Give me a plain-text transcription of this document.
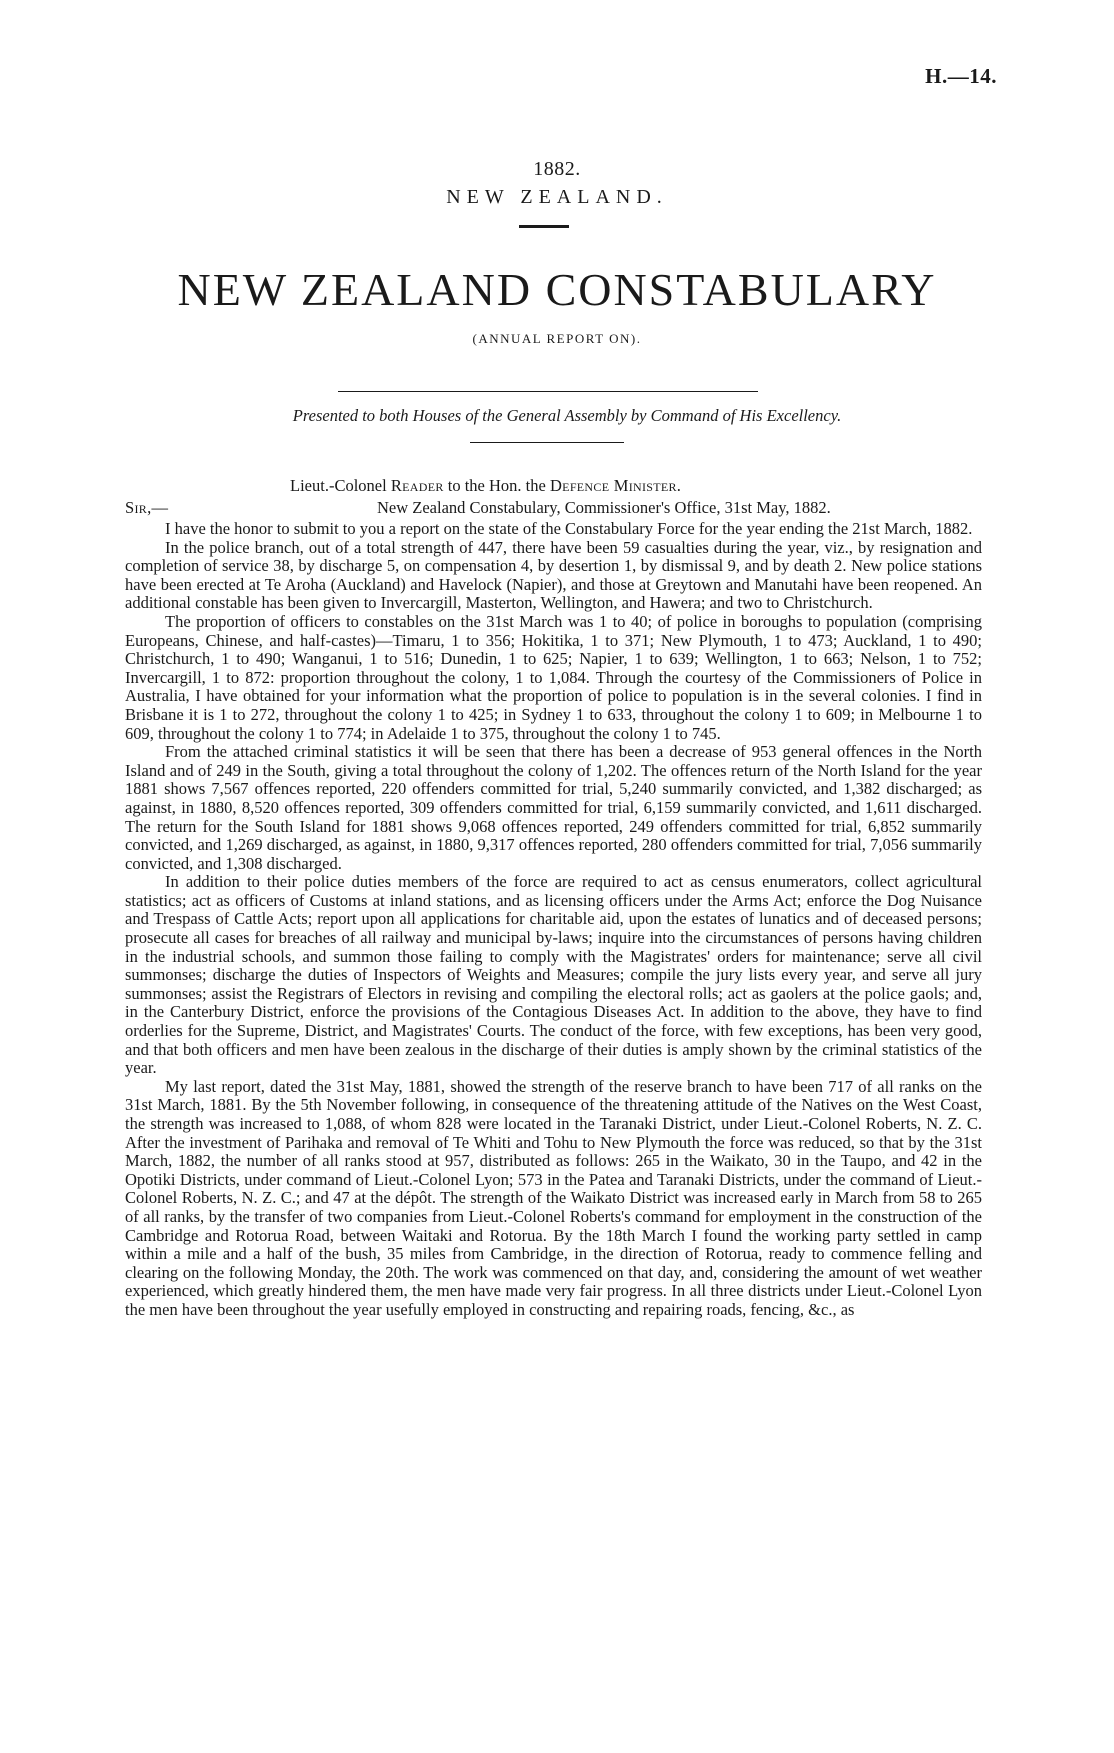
H.—14.
1882.
NEW ZEALAND.
NEW ZEALAND CONSTABULARY
(ANNUAL REPORT ON).
Presented to both Houses of the General Assembly by Command of His Excellency.
Lieut.-Colonel Reader to the Hon. the Defence Minister.
Sir,—	New Zealand Constabulary, Commissioner's Office, 31st May, 1882.

I have the honor to submit to you a report on the state of the Constabulary Force for the year ending the 21st March, 1882.

In the police branch, out of a total strength of 447, there have been 59 casualties during the year, viz., by resignation and completion of service 38, by discharge 5, on compensation 4, by desertion 1, by dismissal 9, and by death 2. New police stations have been erected at Te Aroha (Auckland) and Havelock (Napier), and those at Greytown and Manutahi have been reopened. An additional constable has been given to Invercargill, Masterton, Wellington, and Hawera; and two to Christchurch.

The proportion of officers to constables on the 31st March was 1 to 40; of police in boroughs to population (comprising Europeans, Chinese, and half-castes)—Timaru, 1 to 356; Hokitika, 1 to 371; New Plymouth, 1 to 473; Auckland, 1 to 490; Christchurch, 1 to 490; Wanganui, 1 to 516; Dunedin, 1 to 625; Napier, 1 to 639; Wellington, 1 to 663; Nelson, 1 to 752; Invercargill, 1 to 872: proportion throughout the colony, 1 to 1,084. Through the courtesy of the Commissioners of Police in Australia, I have obtained for your information what the proportion of police to population is in the several colonies. I find in Brisbane it is 1 to 272, throughout the colony 1 to 425; in Sydney 1 to 633, throughout the colony 1 to 609; in Melbourne 1 to 609, throughout the colony 1 to 774; in Adelaide 1 to 375, throughout the colony 1 to 745.

From the attached criminal statistics it will be seen that there has been a decrease of 953 general offences in the North Island and of 249 in the South, giving a total throughout the colony of 1,202. The offences return of the North Island for the year 1881 shows 7,567 offences reported, 220 offenders committed for trial, 5,240 summarily convicted, and 1,382 discharged; as against, in 1880, 8,520 offences reported, 309 offenders committed for trial, 6,159 summarily convicted, and 1,611 discharged. The return for the South Island for 1881 shows 9,068 offences reported, 249 offenders committed for trial, 6,852 summarily convicted, and 1,269 discharged, as against, in 1880, 9,317 offences reported, 280 offenders committed for trial, 7,056 summarily convicted, and 1,308 discharged.

In addition to their police duties members of the force are required to act as census enumerators, collect agricultural statistics; act as officers of Customs at inland stations, and as licensing officers under the Arms Act; enforce the Dog Nuisance and Trespass of Cattle Acts; report upon all applications for charitable aid, upon the estates of lunatics and of deceased persons; prosecute all cases for breaches of all railway and municipal by-laws; inquire into the circumstances of persons having children in the industrial schools, and summon those failing to comply with the Magistrates' orders for maintenance; serve all civil summonses; discharge the duties of Inspectors of Weights and Measures; compile the jury lists every year, and serve all jury summonses; assist the Registrars of Electors in revising and compiling the electoral rolls; act as gaolers at the police gaols; and, in the Canterbury District, enforce the provisions of the Contagious Diseases Act. In addition to the above, they have to find orderlies for the Supreme, District, and Magistrates' Courts. The conduct of the force, with few exceptions, has been very good, and that both officers and men have been zealous in the discharge of their duties is amply shown by the criminal statistics of the year.

My last report, dated the 31st May, 1881, showed the strength of the reserve branch to have been 717 of all ranks on the 31st March, 1881. By the 5th November following, in consequence of the threatening attitude of the Natives on the West Coast, the strength was increased to 1,088, of whom 828 were located in the Taranaki District, under Lieut.-Colonel Roberts, N. Z. C. After the investment of Parihaka and removal of Te Whiti and Tohu to New Plymouth the force was reduced, so that by the 31st March, 1882, the number of all ranks stood at 957, distributed as follows: 265 in the Waikato, 30 in the Taupo, and 42 in the Opotiki Districts, under command of Lieut.-Colonel Lyon; 573 in the Patea and Taranaki Districts, under the command of Lieut.-Colonel Roberts, N. Z. C.; and 47 at the dépôt. The strength of the Waikato District was increased early in March from 58 to 265 of all ranks, by the transfer of two companies from Lieut.-Colonel Roberts's command for employment in the construction of the Cambridge and Rotorua Road, between Waitaki and Rotorua. By the 18th March I found the working party settled in camp within a mile and a half of the bush, 35 miles from Cambridge, in the direction of Rotorua, ready to commence felling and clearing on the following Monday, the 20th. The work was commenced on that day, and, considering the amount of wet weather experienced, which greatly hindered them, the men have made very fair progress. In all three districts under Lieut.-Colonel Lyon the men have been throughout the year usefully employed in constructing and repairing roads, fencing, &c., as
